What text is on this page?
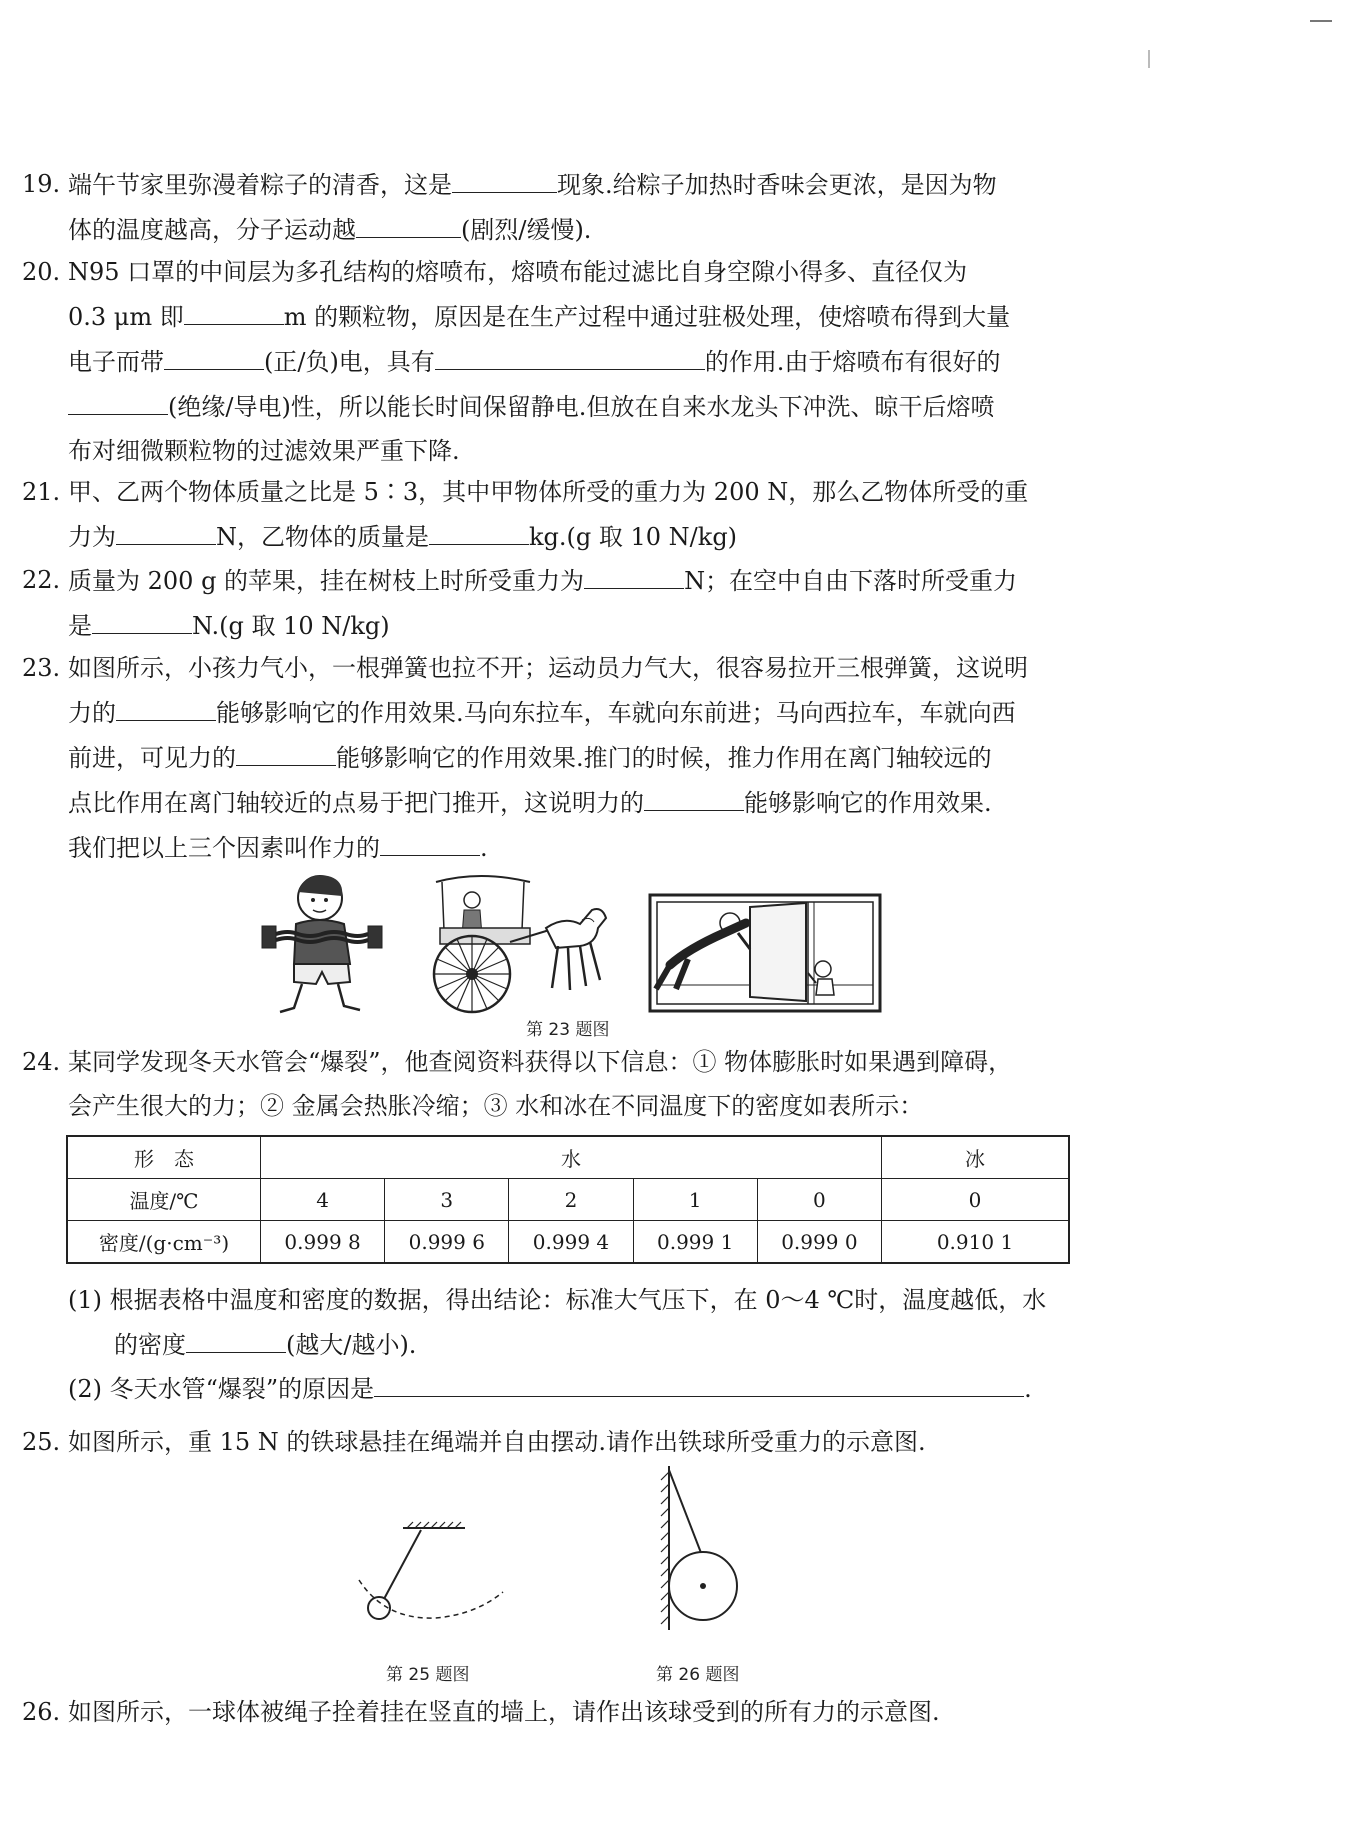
19. 端午节家里弥漫着粽子的清香，这是	现象.给粽子加热时香味会更浓，是因为物
体的温度越高，分子运动越	(剧烈/缓慢).
20. N95 口罩的中间层为多孔结构的熔喷布，熔喷布能过滤比自身空隙小得多、直径仅为
0.3 μm 即	m 的颗粒物，原因是在生产过程中通过驻极处理，使熔喷布得到大量
电子而带	(正/负)电，具有	的作用.由于熔喷布有很好的
(绝缘/导电)性，所以能长时间保留静电.但放在自来水龙头下冲洗、晾干后熔喷
布对细微颗粒物的过滤效果严重下降.
21. 甲、乙两个物体质量之比是 5∶3，其中甲物体所受的重力为 200 N，那么乙物体所受的重
力为	N，乙物体的质量是	kg.(g 取 10 N/kg)
22. 质量为 200 g 的苹果，挂在树枝上时所受重力为	N；在空中自由下落时所受重力
是	N.(g 取 10 N/kg)
23. 如图所示，小孩力气小，一根弹簧也拉不开；运动员力气大，很容易拉开三根弹簧，这说明
力的	能够影响它的作用效果.马向东拉车，车就向东前进；马向西拉车，车就向西
前进，可见力的	能够影响它的作用效果.推门的时候，推力作用在离门轴较远的
点比作用在离门轴较近的点易于把门推开，这说明力的	能够影响它的作用效果.
我们把以上三个因素叫作力的	.
第 23 题图
24. 某同学发现冬天水管会“爆裂”，他查阅资料获得以下信息：① 物体膨胀时如果遇到障碍，
会产生很大的力；② 金属会热胀冷缩；③ 水和冰在不同温度下的密度如表所示：
形　态	水					冰
温度/℃	4	3	2	1	0	0
密度/(g·cm⁻³)	0.999 8	0.999 6	0.999 4	0.999 1	0.999 0	0.910 1
(1) 根据表格中温度和密度的数据，得出结论：标准大气压下，在 0～4 ℃时，温度越低，水
的密度	(越大/越小).
(2) 冬天水管“爆裂”的原因是	.
25. 如图所示，重 15 N 的铁球悬挂在绳端并自由摆动.请作出铁球所受重力的示意图.
第 25 题图	第 26 题图
26. 如图所示，一球体被绳子拴着挂在竖直的墙上，请作出该球受到的所有力的示意图.
